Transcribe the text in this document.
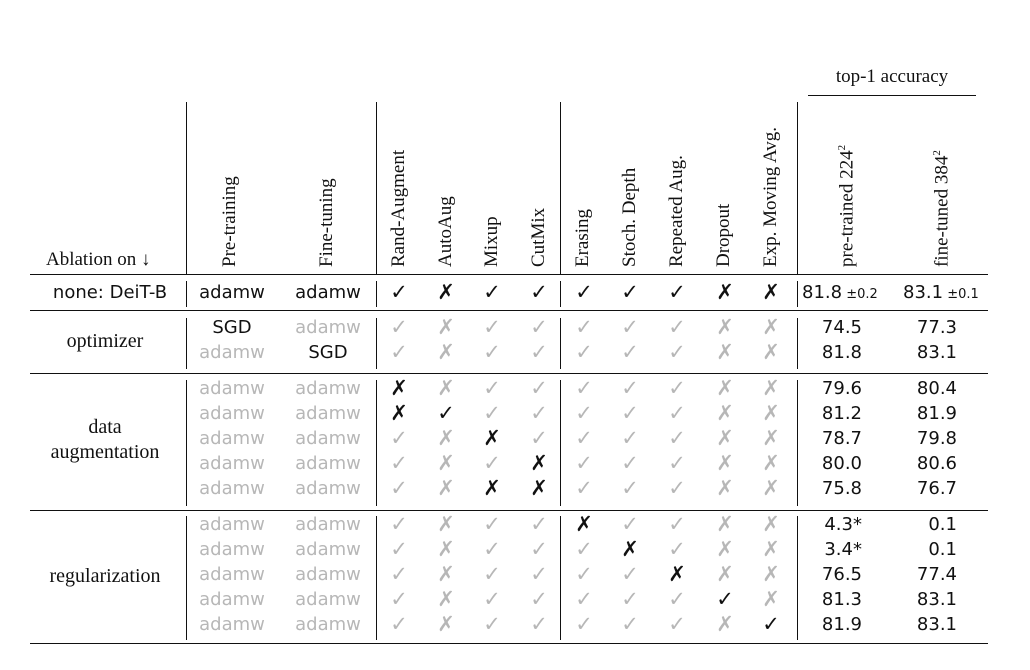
top-1 accuracy
Ablation on ↓	Pre-training	Fine-tuning	Rand-Augment AutoAug Mixup CutMix Erasing Stoch. Depth Repeated Aug. Dropout Exp. Moving Avg.	pre-trained $224^2$
fine-tuned $384^2$
none: DeiT-B	adamw	adamw	✓ ✗ ✓ ✓ ✓ ✓ ✓ ✗ ✗	81.8 ±0.2 83.1 ±0.1
optimizer
SGD	adamw	✓ ✗ ✓ ✓ ✓ ✓ ✓ ✗ ✗	74.5	77.3
adamw	SGD	✓ ✗ ✓ ✓ ✓ ✓ ✓ ✗ ✗	81.8	83.1
data
augmentation
adamw	adamw	✗ ✗ ✓ ✓ ✓ ✓ ✓ ✗ ✗	79.6	80.4
adamw	adamw	✗ ✓ ✓ ✓ ✓ ✓ ✓ ✗ ✗	81.2	81.9
adamw	adamw	✓ ✗ ✗ ✓ ✓ ✓ ✓ ✗ ✗	78.7	79.8
adamw	adamw	✓ ✗ ✓ ✗ ✓ ✓ ✓ ✗ ✗	80.0	80.6
adamw	adamw	✓ ✗ ✗ ✗ ✓ ✓ ✓ ✗ ✗	75.8	76.7
regularization
adamw	adamw	✓ ✗ ✓ ✓ ✗ ✓ ✓ ✗ ✗	4.3*	0.1
adamw	adamw	✓ ✗ ✓ ✓ ✓ ✗ ✓ ✗ ✗	3.4*	0.1
adamw	adamw	✓ ✗ ✓ ✓ ✓ ✓ ✗ ✗ ✗	76.5	77.4
adamw	adamw	✓ ✗ ✓ ✓ ✓ ✓ ✓ ✓ ✗	81.3	83.1
adamw	adamw	✓ ✗ ✓ ✓ ✓ ✓ ✓ ✗ ✓	81.9	83.1
